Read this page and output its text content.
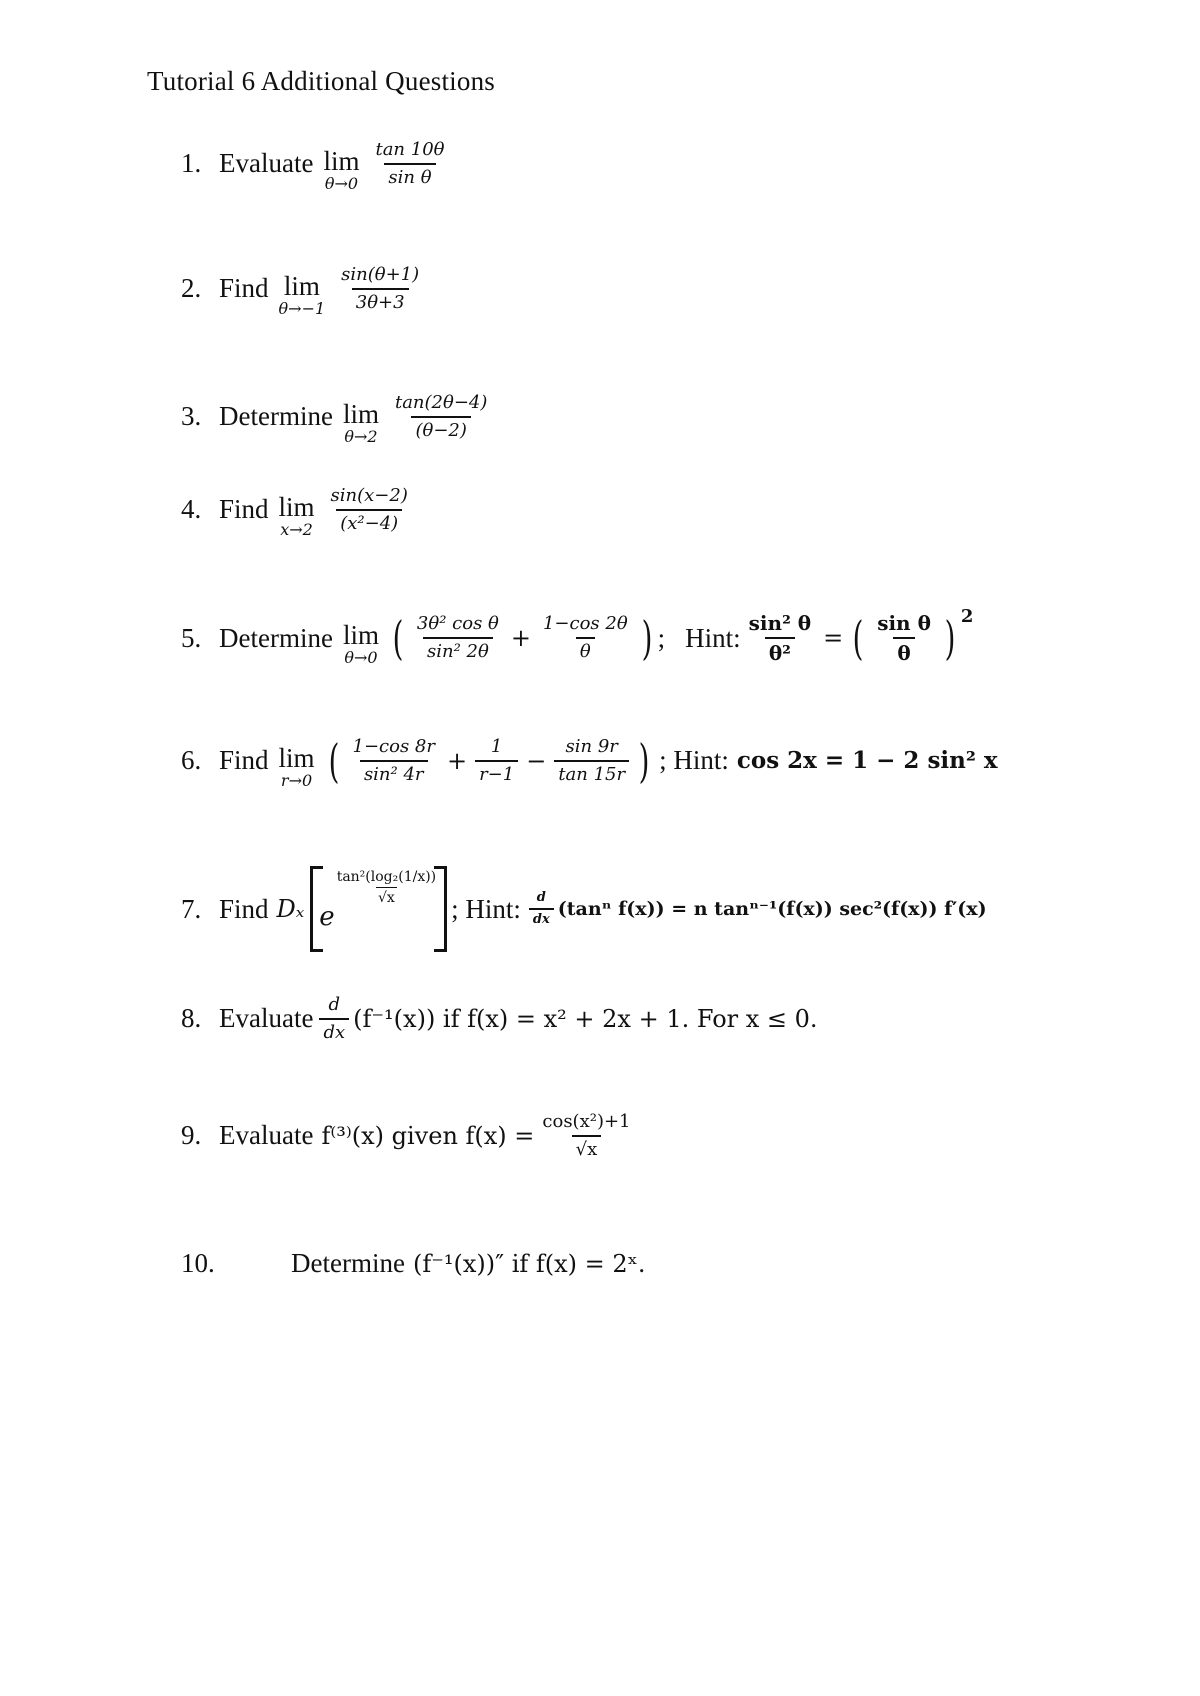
Tutorial 6 Additional Questions
1. Evaluate lim
$\theta\to 0 \frac{\tan 10\theta}{\text{sin θ}}$
2. Find lim
$\theta\to-1 \frac{\sin(\theta+1)}{3\theta+3}$
3. Determine lim
$\theta\to 2 \frac{\tan(2\theta-4)}{(\theta-2)}$
4. Find lim
$x\to 2 \frac{\sin(x-2)}{\text{(x²−4)}}$
5. Determine lim
θ→0 ( $\frac{\text{3θ² cos θ}}{\text{sin² 2θ}} + \frac{1-\cos 2\theta}{\theta}$ ) ; Hint: $\frac{\text{sin² θ}}{\text{θ²}}$ = ( $\frac{\text{sin θ}}{\theta}$ ) 2
6. Find lim
r→0 ( $\frac{1-\cos 8r}{\text{sin² 4r}} + \frac{1}{r-1} - \frac{\sin 9r}{\tan 15r}$ ) ; Hint: cos 2x = 1 − 2 sin² x
7. Find Dₓ e
$\frac{\text{tan²(log₂(1/x))}}{√x}$
; Hint: $\frac{d}{dx} (\tan^n$ f(x)) = n tanⁿ⁻¹(f(x)) sec²(f(x)) f′(x)
8. Evaluate $\frac{d}{dx} (f^{-1}(x))$ if f(x) = x² + 2x + 1. For x ≤ 0.
9. Evaluate f⁽³⁾(x) given $f(x) = \frac{\text{cos(x²)+1}}{√x}$
10.	Determine (f⁻¹(x))″ if f(x) = 2ˣ.
